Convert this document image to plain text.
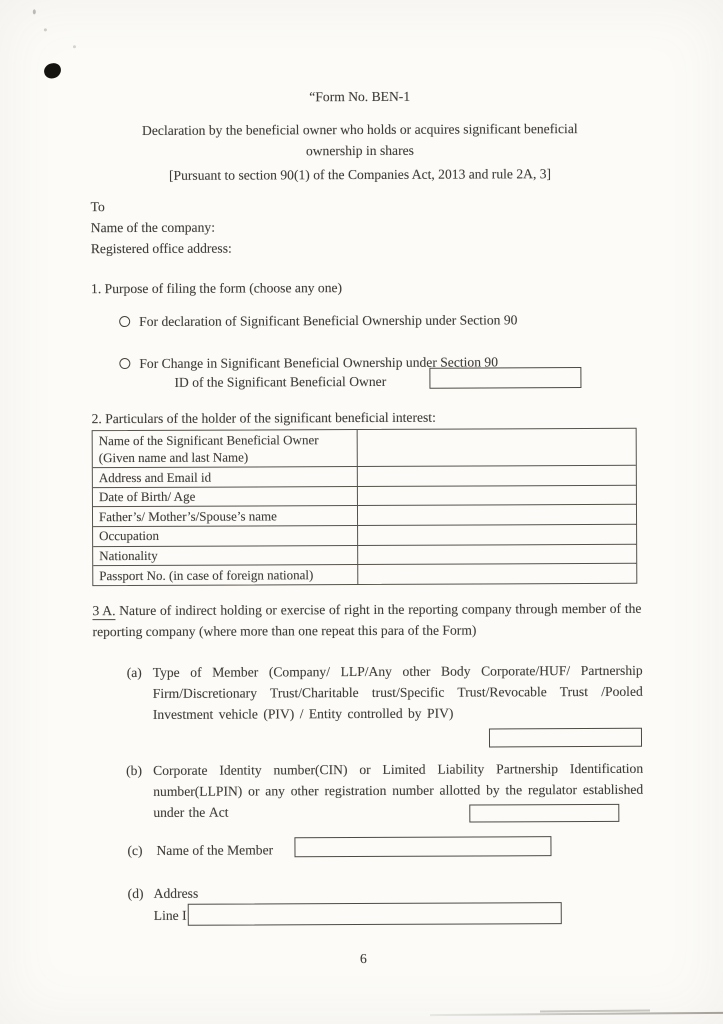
“Form No. BEN-1
Declaration by the beneficial owner who holds or acquires significant beneficial
ownership in shares
[Pursuant to section 90(1) of the Companies Act, 2013 and rule 2A, 3]
To
Name of the company:
Registered office address:
1. Purpose of filing the form (choose any one)
For declaration of Significant Beneficial Ownership under Section 90
For Change in Significant Beneficial Ownership under Section 90
ID of the Significant Beneficial Owner
2. Particulars of the holder of the significant beneficial interest:
Name of the Significant Beneficial Owner (Given name and last Name)
Address and Email id
Date of Birth/ Age
Father’s/ Mother’s/Spouse’s name
Occupation
Nationality
Passport No. (in case of foreign national)
3 A. Nature of indirect holding or exercise of right in the reporting company through member of the reporting company (where more than one repeat this para of the Form)
(a) Type of Member (Company/ LLP/Any other Body Corporate/HUF/ Partnership Firm/Discretionary Trust/Charitable trust/Specific Trust/Revocable Trust /Pooled Investment vehicle (PIV) / Entity controlled by PIV)
(b) Corporate Identity number(CIN) or Limited Liability Partnership Identification number(LLPIN) or any other registration number allotted by the regulator established under the Act
(c) Name of the Member
(d) Address
Line I
6
